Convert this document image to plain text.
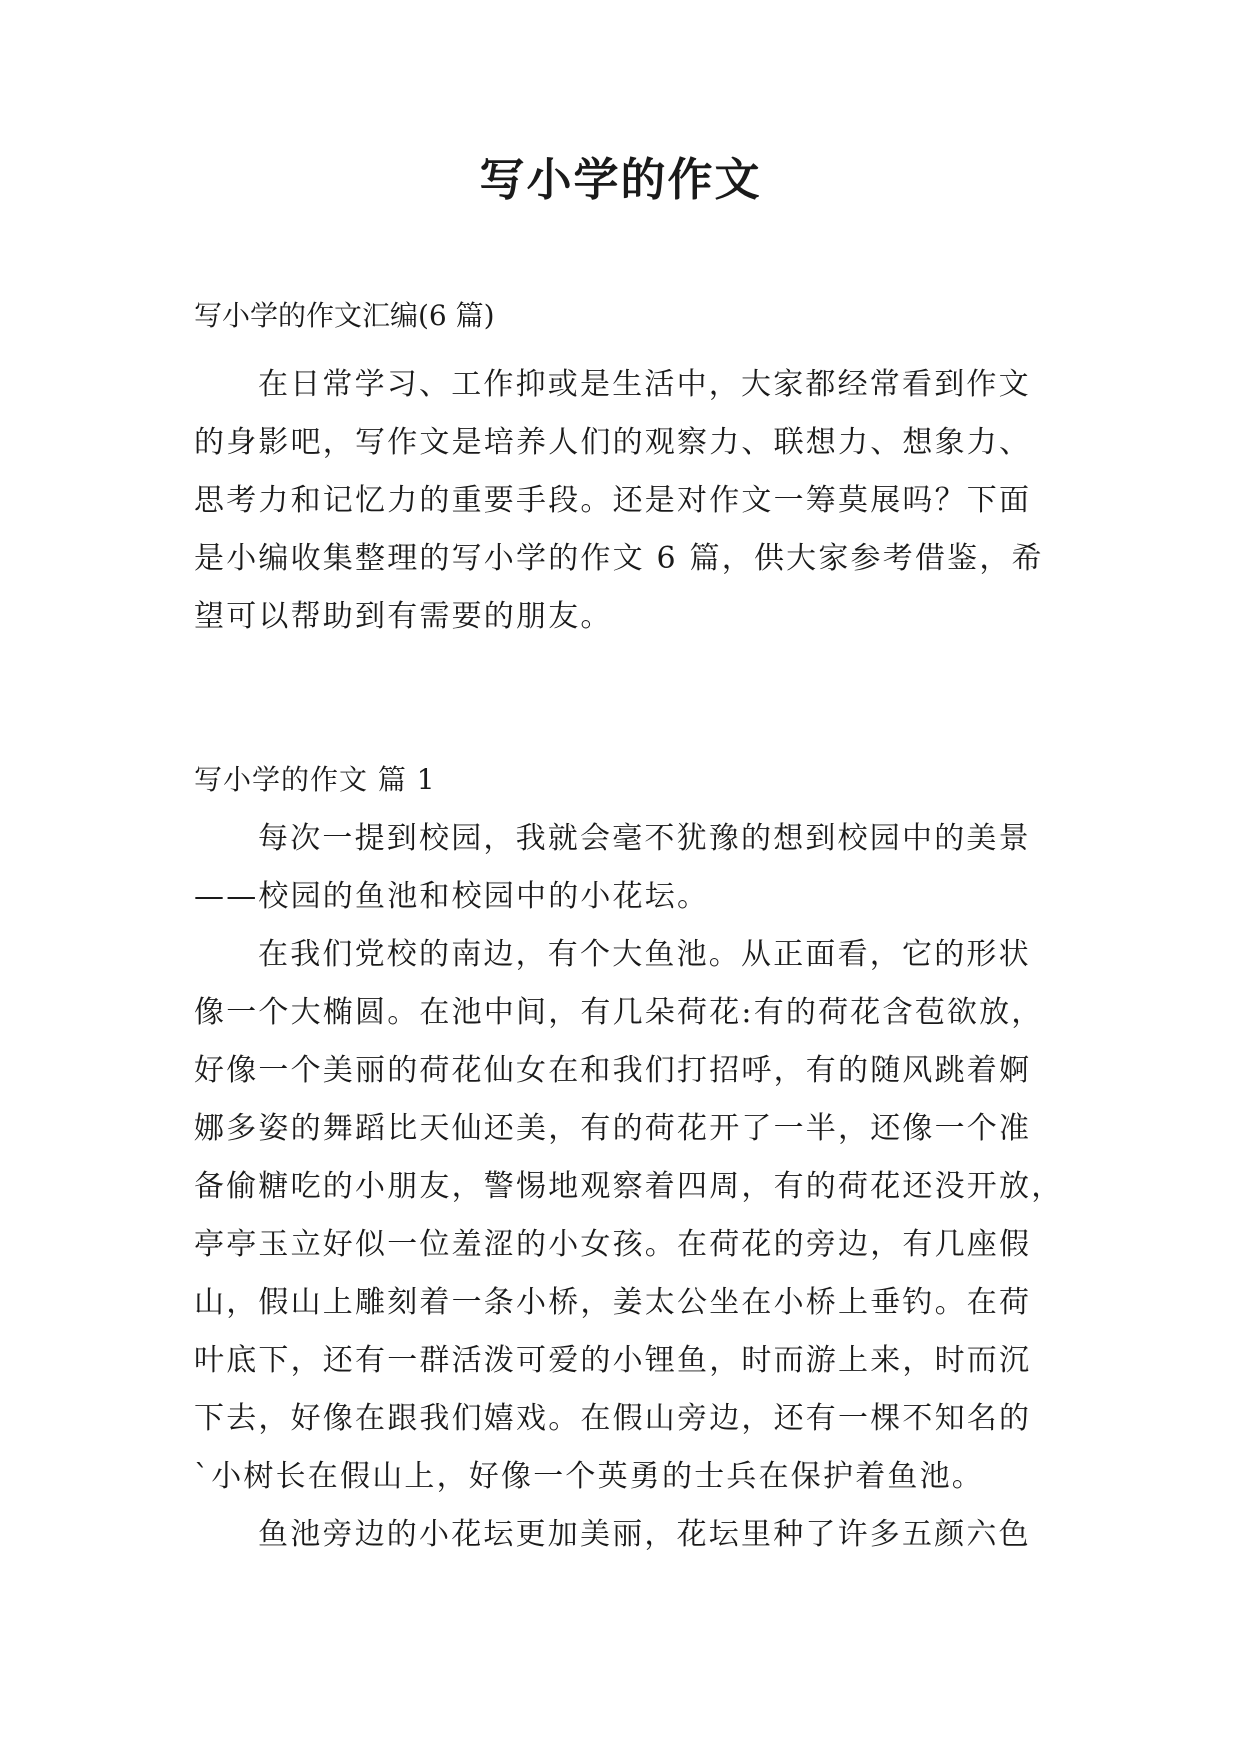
写小学的作文
写小学的作文汇编(6 篇)
在日常学习、工作抑或是生活中，大家都经常看到作文
的身影吧，写作文是培养人们的观察力、联想力、想象力、
思考力和记忆力的重要手段。还是对作文一筹莫展吗？下面
是小编收集整理的写小学的作文 6 篇，供大家参考借鉴，希
望可以帮助到有需要的朋友。
写小学的作文 篇 1
每次一提到校园，我就会毫不犹豫的想到校园中的美景
——校园的鱼池和校园中的小花坛。
在我们党校的南边，有个大鱼池。从正面看，它的形状
像一个大椭圆。在池中间，有几朵荷花:有的荷花含苞欲放，
好像一个美丽的荷花仙女在和我们打招呼，有的随风跳着婀
娜多姿的舞蹈比天仙还美，有的荷花开了一半，还像一个准
备偷糖吃的小朋友，警惕地观察着四周，有的荷花还没开放，
亭亭玉立好似一位羞涩的小女孩。在荷花的旁边，有几座假
山，假山上雕刻着一条小桥，姜太公坐在小桥上垂钓。在荷
叶底下，还有一群活泼可爱的小锂鱼，时而游上来，时而沉
下去，好像在跟我们嬉戏。在假山旁边，还有一棵不知名的
`小树长在假山上，好像一个英勇的士兵在保护着鱼池。
鱼池旁边的小花坛更加美丽，花坛里种了许多五颜六色
